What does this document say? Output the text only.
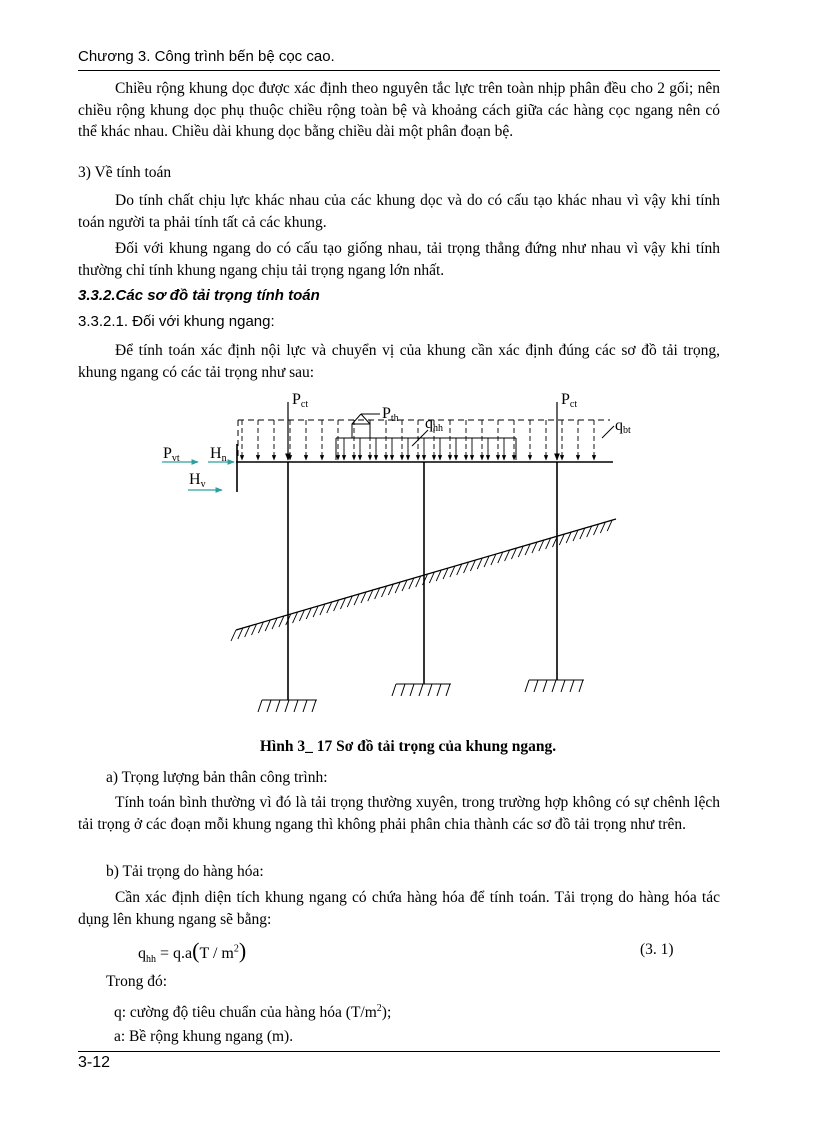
Chương 3. Công trình bến bệ cọc cao.
Chiều rộng khung dọc được xác định theo nguyên tắc lực trên toàn nhịp phân đều cho 2 gối; nên chiều rộng khung dọc phụ thuộc chiều rộng toàn bệ và khoảng cách giữa các hàng cọc ngang nên có thể khác nhau. Chiều dài khung dọc bằng chiều dài một phân đoạn bệ.
3) Về tính toán
Do tính chất chịu lực khác nhau của các khung dọc và do có cấu tạo khác nhau vì vậy khi tính toán người ta phải tính tất cả các khung.
Đối với khung ngang do có cấu tạo giống nhau, tải trọng thẳng đứng như nhau vì vậy khi tính thường chỉ tính khung ngang chịu tải trọng ngang lớn nhất.
3.3.2.Các sơ đồ tải trọng tính toán
3.3.2.1. Đối với khung ngang:
Để tính toán xác định nội lực và chuyển vị của khung cần xác định đúng các sơ đồ tải trọng, khung ngang có các tải trọng như sau:
Pct
Pth qhh
Pct
qbt
Pvt Hn
Hv
Hình 3_ 17 Sơ đồ tải trọng của khung ngang.
a) Trọng lượng bản thân công trình:
Tính toán bình thường vì đó là tải trọng thường xuyên, trong trường hợp không có sự chênh lệch tải trọng ở các đoạn mỗi khung ngang thì không phải phân chia thành các sơ đồ tải trọng như trên.
b) Tải trọng do hàng hóa:
Cần xác định diện tích khung ngang có chứa hàng hóa để tính toán. Tải trọng do hàng hóa tác dụng lên khung ngang sẽ bằng:
$q_{hh} = q.a(T / m^2)$	(3. 1)
Trong đó:
q: cường độ tiêu chuẩn của hàng hóa $(T/m^2)$;
a: Bề rộng khung ngang (m).
3-12
